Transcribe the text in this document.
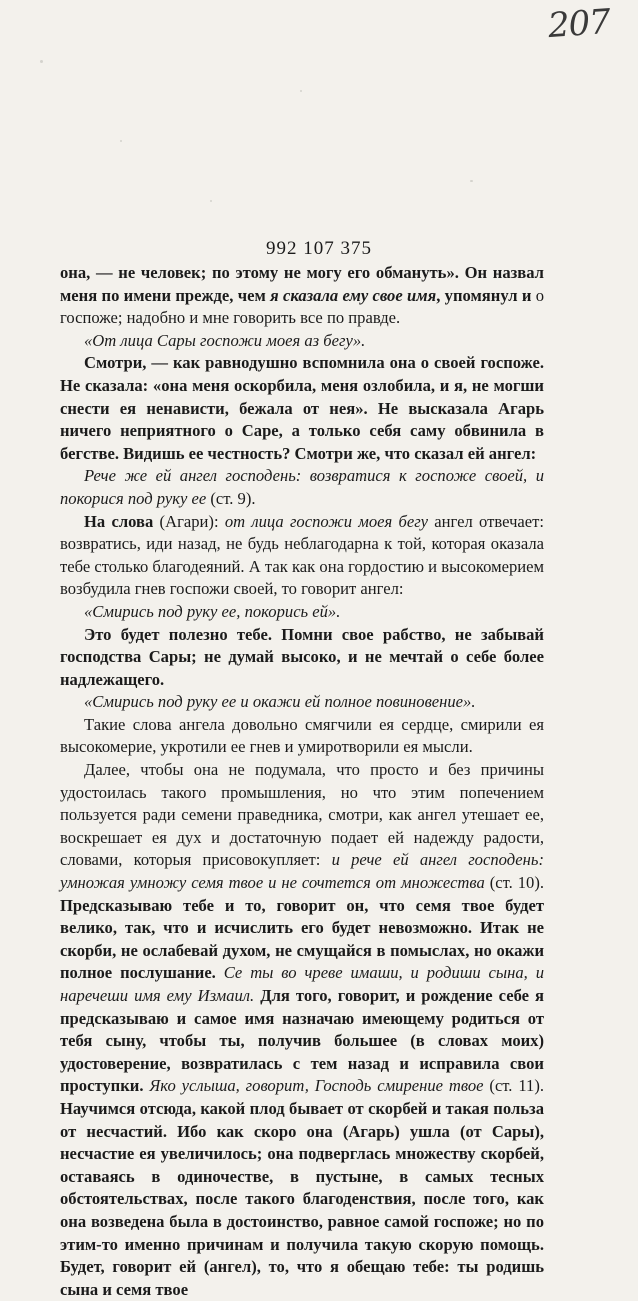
207
992 107 375

она, — не человек; по этому не могу его обмануть». Он назвал меня по имени прежде, чем я сказала ему свое имя, упомянул и о госпоже; надобно и мне говорить все по правде.

«От лица Сары госпожи моея аз бегу».

Смотри, — как равнодушно вспомнила она о своей госпоже. Не сказала: «она меня оскорбила, меня озлобила, и я, не могши снести ея ненависти, бежала от нея». Не высказала Агарь ничего неприятного о Саре, а только себя саму обвинила в бегстве. Видишь ее честность? Смотри же, что сказал ей ангел:

Рече же ей ангел господень: возвратися к госпоже своей, и покорися под руку ее (ст. 9).

На слова (Агари): от лица госпожи моея бегу ангел отвечает: возвратись, иди назад, не будь неблагодарна к той, которая оказала тебе столько благодеяний. А так как она гордостию и высокомерием возбудила гнев госпожи своей, то говорит ангел:

«Смирись под руку ее, покорись ей».

Это будет полезно тебе. Помни свое рабство, не забывай господства Сары; не думай высоко, и не мечтай о себе более надлежащего.

«Смирись под руку ее и окажи ей полное повиновение».

Такие слова ангела довольно смягчили ея сердце, смирили ея высокомерие, укротили ее гнев и умиротворили ея мысли.

Далее, чтобы она не подумала, что просто и без причины удостоилась такого промышления, но что этим попечением пользуется ради семени праведника, смотри, как ангел утешает ее, воскрешает ея дух и достаточную подает ей надежду радости, словами, которыя присовокупляет: и рече ей ангел господень: умножая умножу семя твое и не сочтется от множества (ст. 10). Предсказываю тебе и то, говорит он, что семя твое будет велико, так, что и исчислить его будет невозможно. Итак не скорби, не ослабевай духом, не смущайся в помыслах, но окажи полное послушание. Се ты во чреве имаши, и родиши сына, и наречеши имя ему Измаил. Для того, говорит, и рождение себе я предсказываю и самое имя назначаю имеющему родиться от тебя сыну, чтобы ты, получив большее (в словах моих) удостоверение, возвратилась с тем назад и исправила свои проступки. Яко услыша, говорит, Господь смирение твое (ст. 11). Научимся отсюда, какой плод бывает от скорбей и такая польза от несчастий. Ибо как скоро она (Агарь) ушла (от Сары), несчастие ея увеличилось; она подверглась множеству скорбей, оставаясь в одиночестве, в пустыне, в самых тесных обстоятельствах, после такого благоденствия, после того, как она возведена была в достоинство, равное самой госпоже; но по этим-то именно причинам и получила такую скорую помощь. Будет, говорит ей (ангел), то, что я обещаю тебе: ты родишь сына и семя твое
